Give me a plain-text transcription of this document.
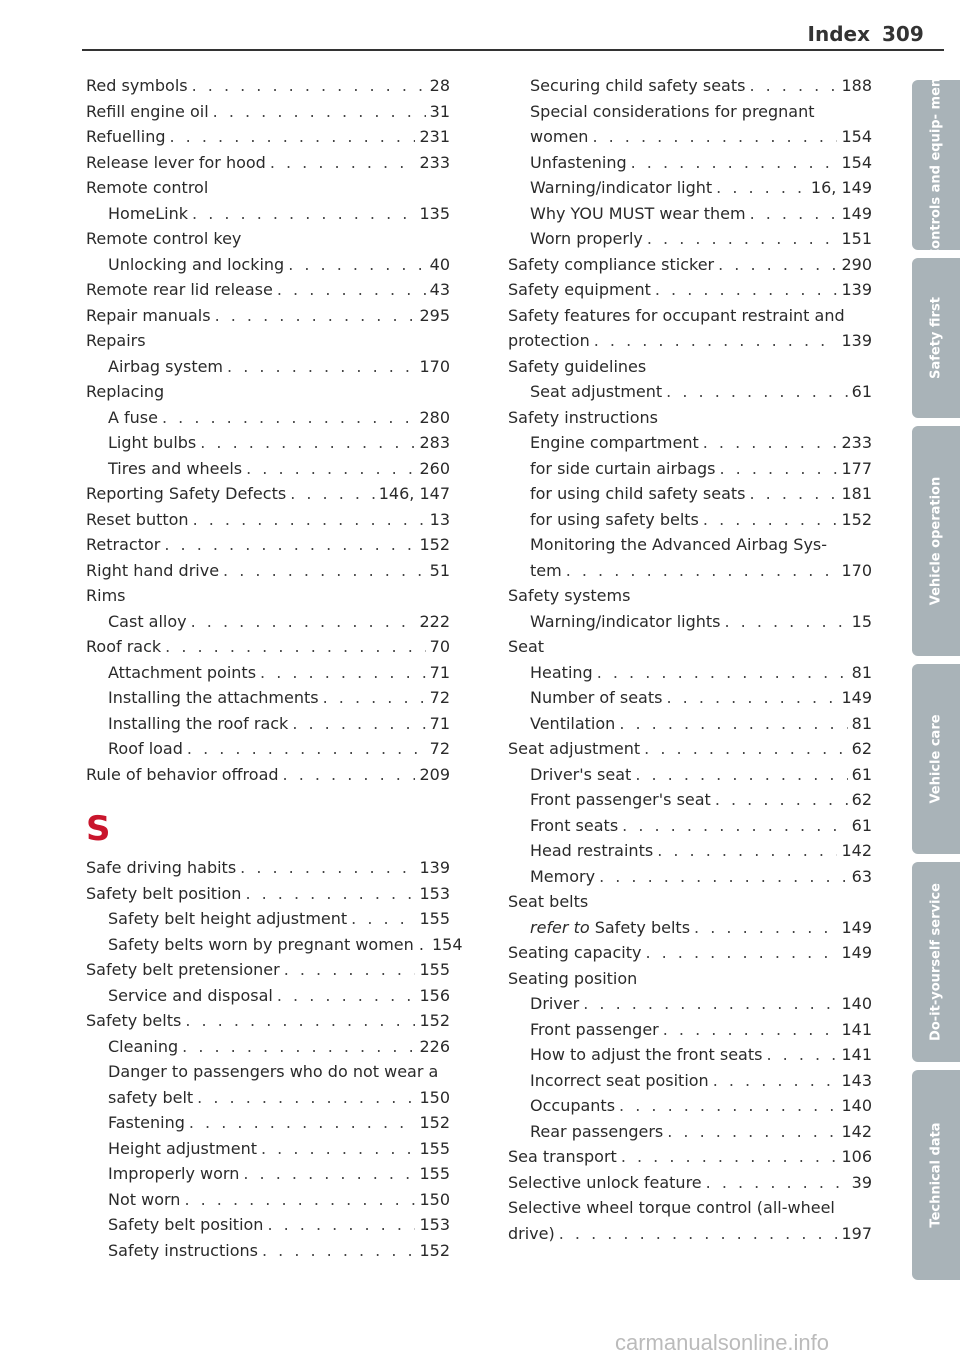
Index 309
Red symbols . . .	28
Refill engine oil . . .	31
Refuelling . . .	231
Release lever for hood . . .	233
Remote control
HomeLink . . .	135
Remote control key
Unlocking and locking . . .	40
Remote rear lid release . . .	43
Repair manuals . . .	295
Repairs
Airbag system . . .	170
Replacing
A fuse . . .	280
Light bulbs . . .	283
Tires and wheels . . .	260
Reporting Safety Defects . . .	146, 147
Reset button . . .	13
Retractor . . .	152
Right hand drive . . .	51
Rims
Cast alloy . . .	222
Roof rack . . .	70
Attachment points . . .	71
Installing the attachments . . .	72
Installing the roof rack . . .	71
Roof load . . .	72
Rule of behavior offroad . . .	209
S
Safe driving habits . . .	139
Safety belt position . . .	153
Safety belt height adjustment . . .	155
Safety belts worn by pregnant women . 154
Safety belt pretensioner . . .	155
Service and disposal . . .	156
Safety belts . . .	152
Cleaning . . .	226
Danger to passengers who do not wear a
safety belt . . .	150
Fastening . . .	152
Height adjustment . . .	155
Improperly worn . . .	155
Not worn . . .	150
Safety belt position . . .	153
Safety instructions . . .	152
Securing child safety seats . . .	188
Special considerations for pregnant
women . . .	154
Unfastening . . .	154
Warning/indicator light . . .	16, 149
Why YOU MUST wear them . . .	149
Worn properly . . .	151
Safety compliance sticker . . .	290
Safety equipment . . .	139
Safety features for occupant restraint and
protection . . .	139
Safety guidelines
Seat adjustment . . .	61
Safety instructions
Engine compartment . . .	233
for side curtain airbags . . .	177
for using child safety seats . . .	181
for using safety belts . . .	152
Monitoring the Advanced Airbag Sys-
tem . . .	170
Safety systems
Warning/indicator lights . . .	15
Seat
Heating . . .	81
Number of seats . . .	149
Ventilation . . .	81
Seat adjustment . . .	62
Driver's seat . . .	61
Front passenger's seat . . .	62
Front seats . . .	61
Head restraints . . .	142
Memory . . .	63
Seat belts
refer to Safety belts . . .	149
Seating capacity . . .	149
Seating position
Driver . . .	140
Front passenger . . .	141
How to adjust the front seats . . .	141
Incorrect seat position . . .	143
Occupants . . .	140
Rear passengers . . .	142
Sea transport . . .	106
Selective unlock feature . . .	39
Selective wheel torque control (all-wheel
drive) . . .	197
Controls and equip- ment
Safety first
Vehicle operation
Vehicle care
Do-it-yourself service
Technical data
carmanualsonline.info
